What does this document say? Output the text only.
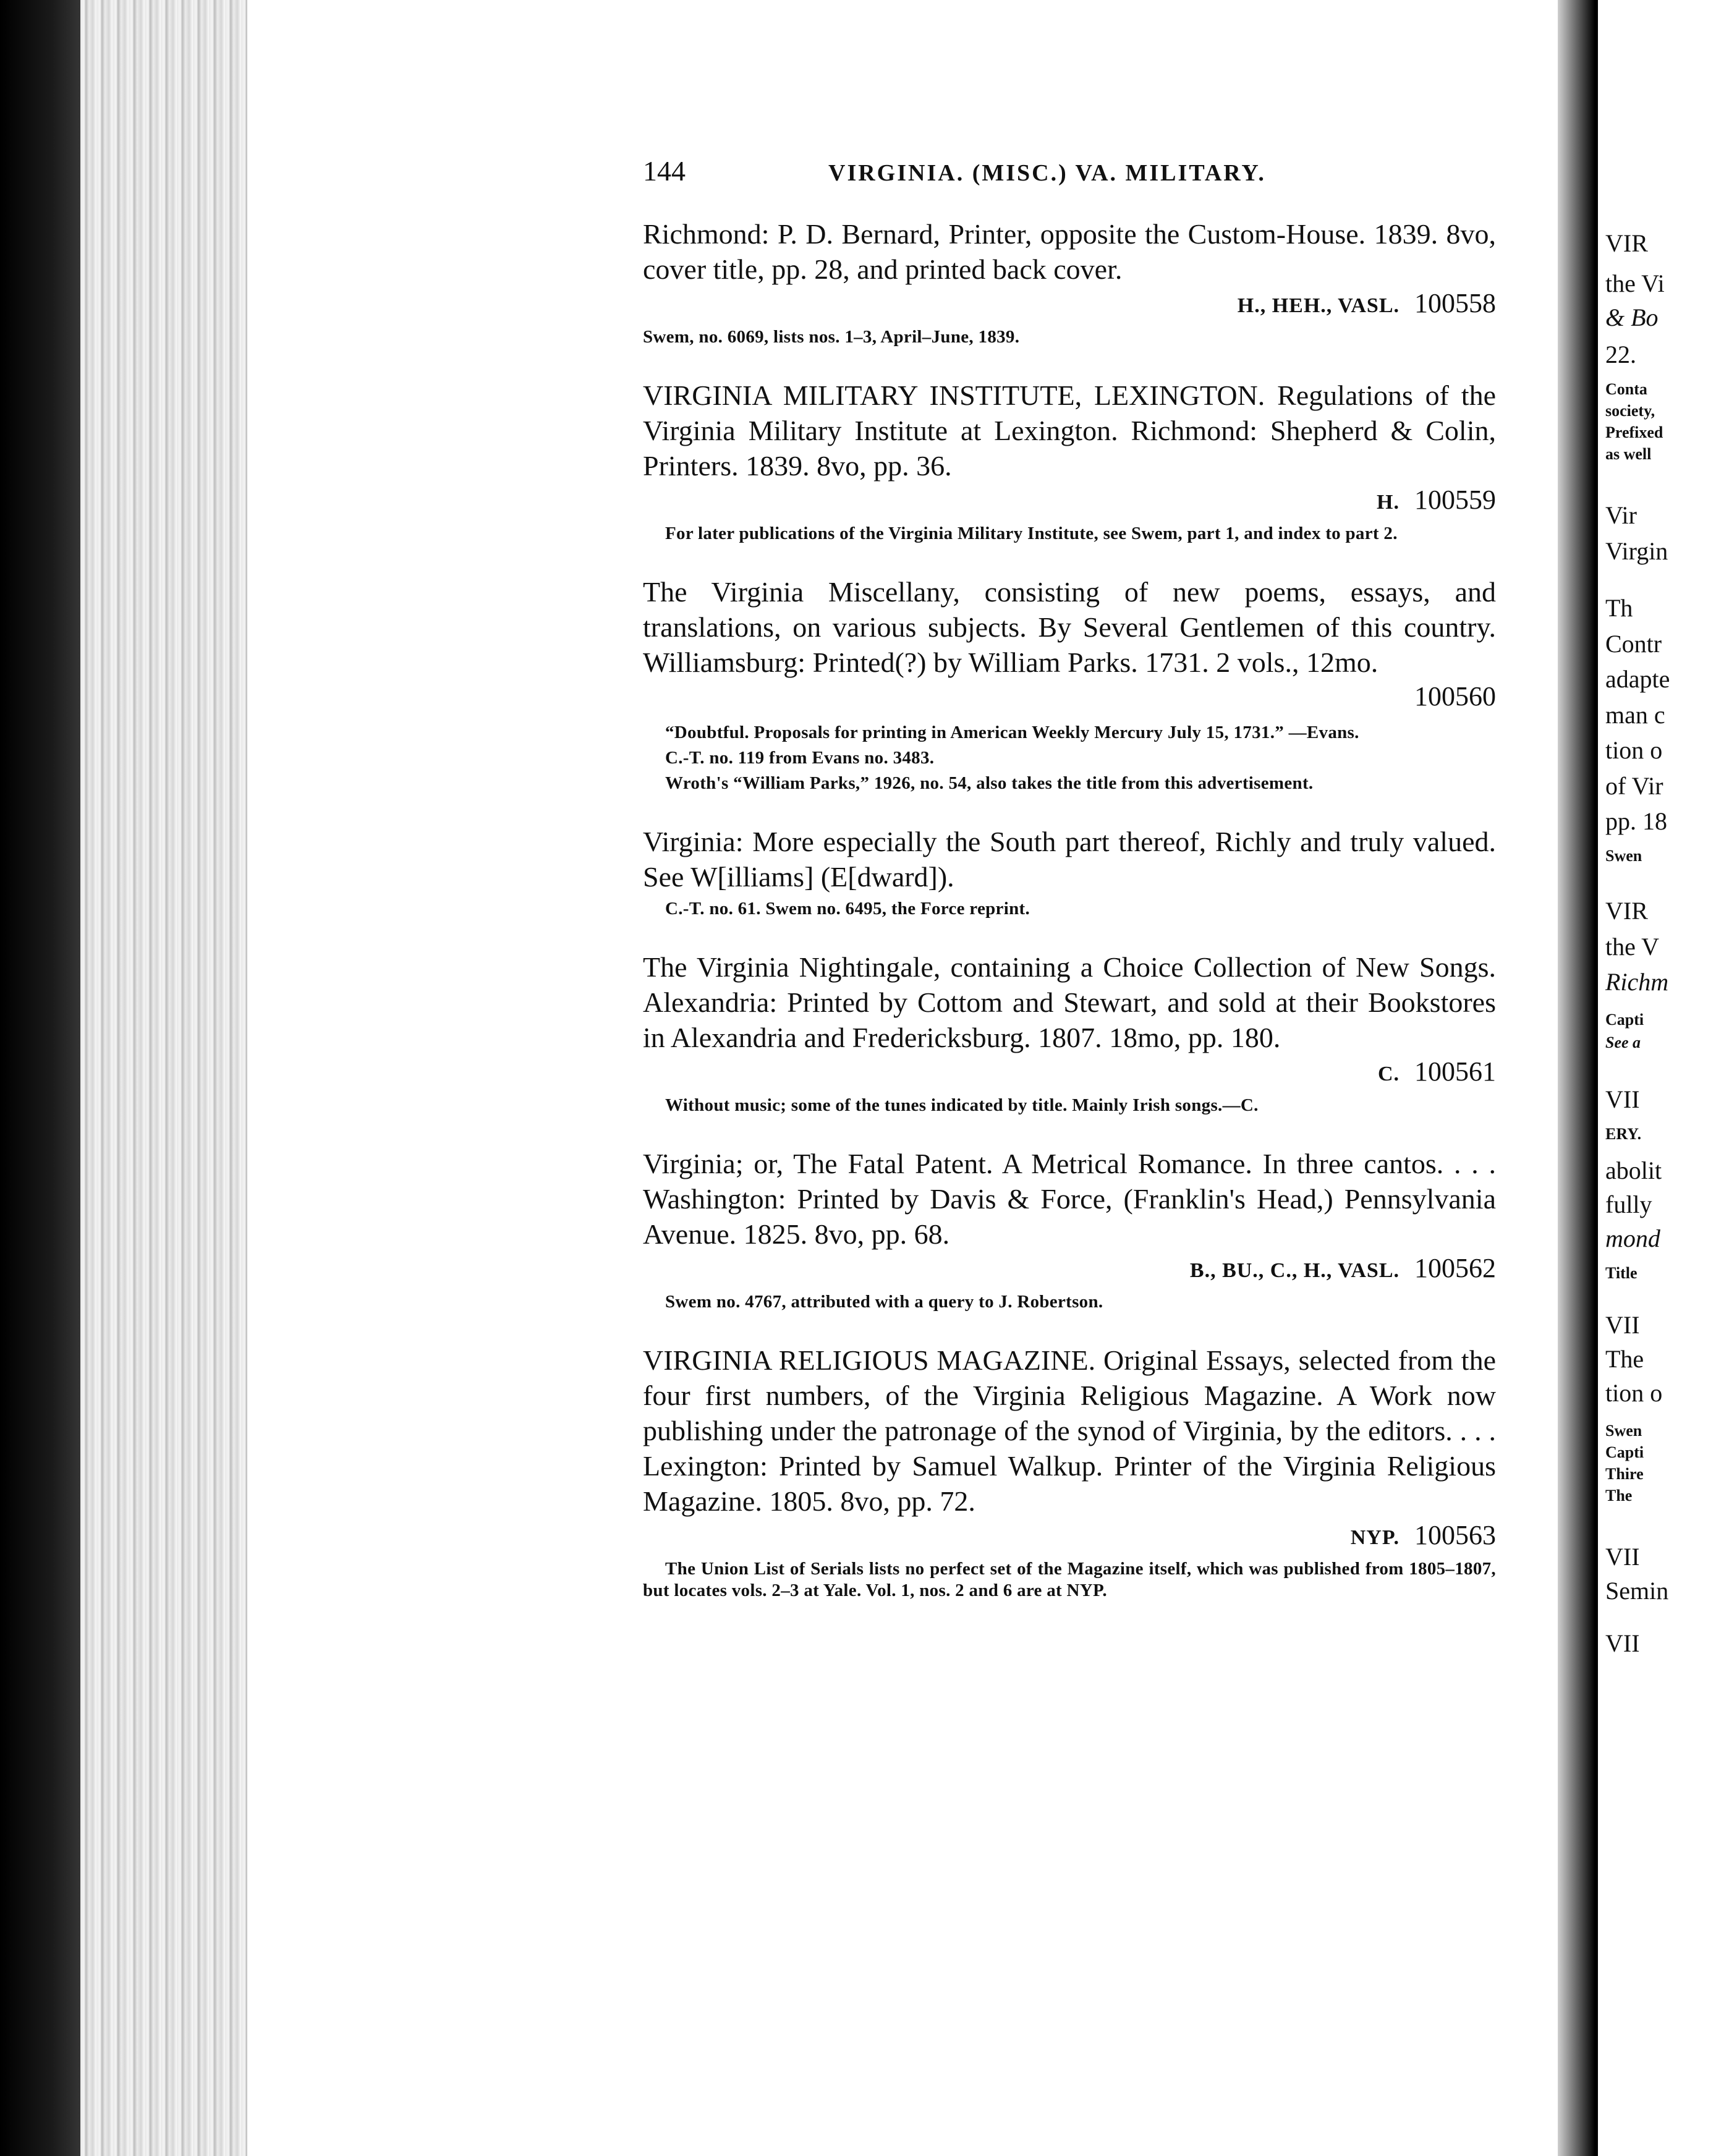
VIR
the Vi
& Bo
22.
Conta
society,
Prefixed
as well
Vir
Virgin
Th
Contr
adapte
man c
tion o
of Vir
pp. 18
Swen
VIR
the V
Richm
Capti
See a
VII
ERY.
abolit
fully
mond
Title
VII
The
tion o
Swen
Capti
Thire
The
VII
Semin
VII
144	VIRGINIA. (MISC.) VA. MILITARY.

Richmond: P. D. Bernard, Printer, opposite the Custom-House. 1839. 8vo, cover title, pp. 28, and printed back cover.

H., HEH., VASL. 100558

Swem, no. 6069, lists nos. 1–3, April–June, 1839.

VIRGINIA MILITARY INSTITUTE, LEXINGTON. Regulations of the Virginia Military Institute at Lexington. Richmond: Shepherd & Colin, Printers. 1839. 8vo, pp. 36.

H. 100559

For later publications of the Virginia Military Institute, see Swem, part 1, and index to part 2.

The Virginia Miscellany, consisting of new poems, essays, and translations, on various subjects. By Several Gentlemen of this country. Williamsburg: Printed(?) by William Parks. 1731. 2 vols., 12mo.

100560

“Doubtful. Proposals for printing in American Weekly Mercury July 15, 1731.” —Evans.

C.-T. no. 119 from Evans no. 3483.

Wroth's “William Parks,” 1926, no. 54, also takes the title from this advertisement.

Virginia: More especially the South part thereof, Richly and truly valued. See W[illiams] (E[dward]).

C.-T. no. 61. Swem no. 6495, the Force reprint.

The Virginia Nightingale, containing a Choice Collection of New Songs. Alexandria: Printed by Cottom and Stewart, and sold at their Bookstores in Alexandria and Fredericksburg. 1807. 18mo, pp. 180.

C. 100561

Without music; some of the tunes indicated by title. Mainly Irish songs.—C.

Virginia; or, The Fatal Patent. A Metrical Romance. In three cantos. . . . Washington: Printed by Davis & Force, (Franklin's Head,) Pennsylvania Avenue. 1825. 8vo, pp. 68.

B., BU., C., H., VASL. 100562

Swem no. 4767, attributed with a query to J. Robertson.

VIRGINIA RELIGIOUS MAGAZINE. Original Essays, selected from the four first numbers, of the Virginia Religious Magazine. A Work now publishing under the patronage of the synod of Virginia, by the editors. . . . Lexington: Printed by Samuel Walkup. Printer of the Virginia Religious Magazine. 1805. 8vo, pp. 72.

NYP. 100563

The Union List of Serials lists no perfect set of the Magazine itself, which was published from 1805–1807, but locates vols. 2–3 at Yale. Vol. 1, nos. 2 and 6 are at NYP.
